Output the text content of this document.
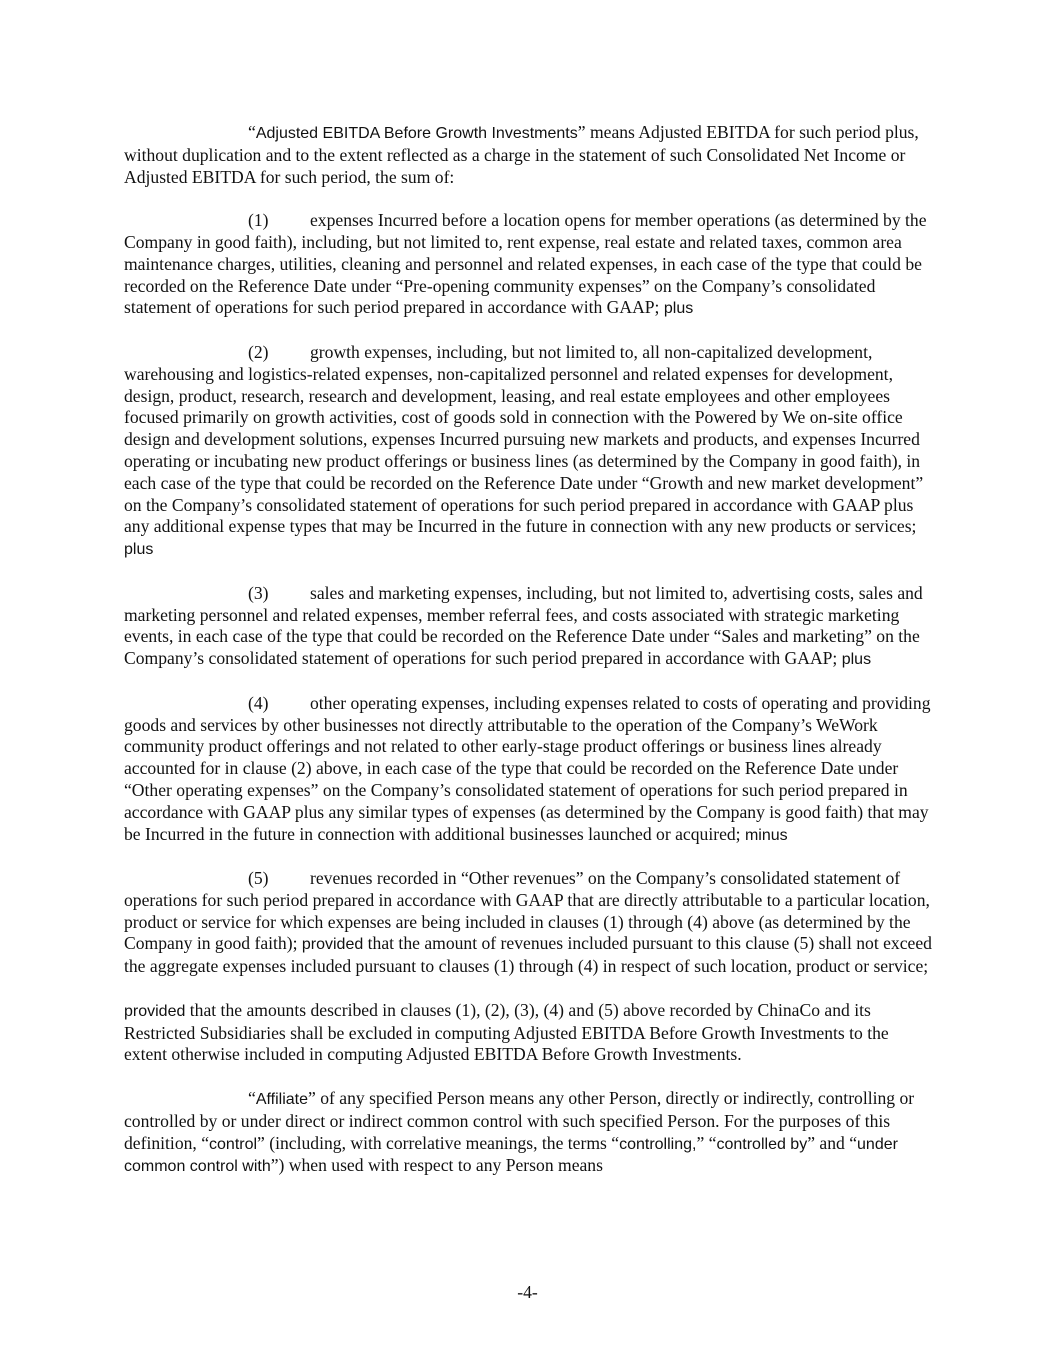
“Adjusted EBITDA Before Growth Investments” means Adjusted EBITDA for such period plus, without duplication and to the extent reflected as a charge in the statement of such Consolidated Net Income or Adjusted EBITDA for such period, the sum of:

(1) expenses Incurred before a location opens for member operations (as determined by the Company in good faith), including, but not limited to, rent expense, real estate and related taxes, common area maintenance charges, utilities, cleaning and personnel and related expenses, in each case of the type that could be recorded on the Reference Date under “Pre-opening community expenses” on the Company’s consolidated statement of operations for such period prepared in accordance with GAAP; plus

(2) growth expenses, including, but not limited to, all non-capitalized development, warehousing and logistics-related expenses, non-capitalized personnel and related expenses for development, design, product, research, research and development, leasing, and real estate employees and other employees focused primarily on growth activities, cost of goods sold in connection with the Powered by We on-site office design and development solutions, expenses Incurred pursuing new markets and products, and expenses Incurred operating or incubating new product offerings or business lines (as determined by the Company in good faith), in each case of the type that could be recorded on the Reference Date under “Growth and new market development” on the Company’s consolidated statement of operations for such period prepared in accordance with GAAP plus any additional expense types that may be Incurred in the future in connection with any new products or services; plus

(3) sales and marketing expenses, including, but not limited to, advertising costs, sales and marketing personnel and related expenses, member referral fees, and costs associated with strategic marketing events, in each case of the type that could be recorded on the Reference Date under “Sales and marketing” on the Company’s consolidated statement of operations for such period prepared in accordance with GAAP; plus

(4) other operating expenses, including expenses related to costs of operating and providing goods and services by other businesses not directly attributable to the operation of the Company’s WeWork community product offerings and not related to other early-stage product offerings or business lines already accounted for in clause (2) above, in each case of the type that could be recorded on the Reference Date under “Other operating expenses” on the Company’s consolidated statement of operations for such period prepared in accordance with GAAP plus any similar types of expenses (as determined by the Company is good faith) that may be Incurred in the future in connection with additional businesses launched or acquired; minus

(5) revenues recorded in “Other revenues” on the Company’s consolidated statement of operations for such period prepared in accordance with GAAP that are directly attributable to a particular location, product or service for which expenses are being included in clauses (1) through (4) above (as determined by the Company in good faith); provided that the amount of revenues included pursuant to this clause (5) shall not exceed the aggregate expenses included pursuant to clauses (1) through (4) in respect of such location, product or service;

provided that the amounts described in clauses (1), (2), (3), (4) and (5) above recorded by ChinaCo and its Restricted Subsidiaries shall be excluded in computing Adjusted EBITDA Before Growth Investments to the extent otherwise included in computing Adjusted EBITDA Before Growth Investments.

“Affiliate” of any specified Person means any other Person, directly or indirectly, controlling or controlled by or under direct or indirect common control with such specified Person. For the purposes of this definition, “control” (including, with correlative meanings, the terms “controlling,” “controlled by” and “under common control with”) when used with respect to any Person means

-4-
